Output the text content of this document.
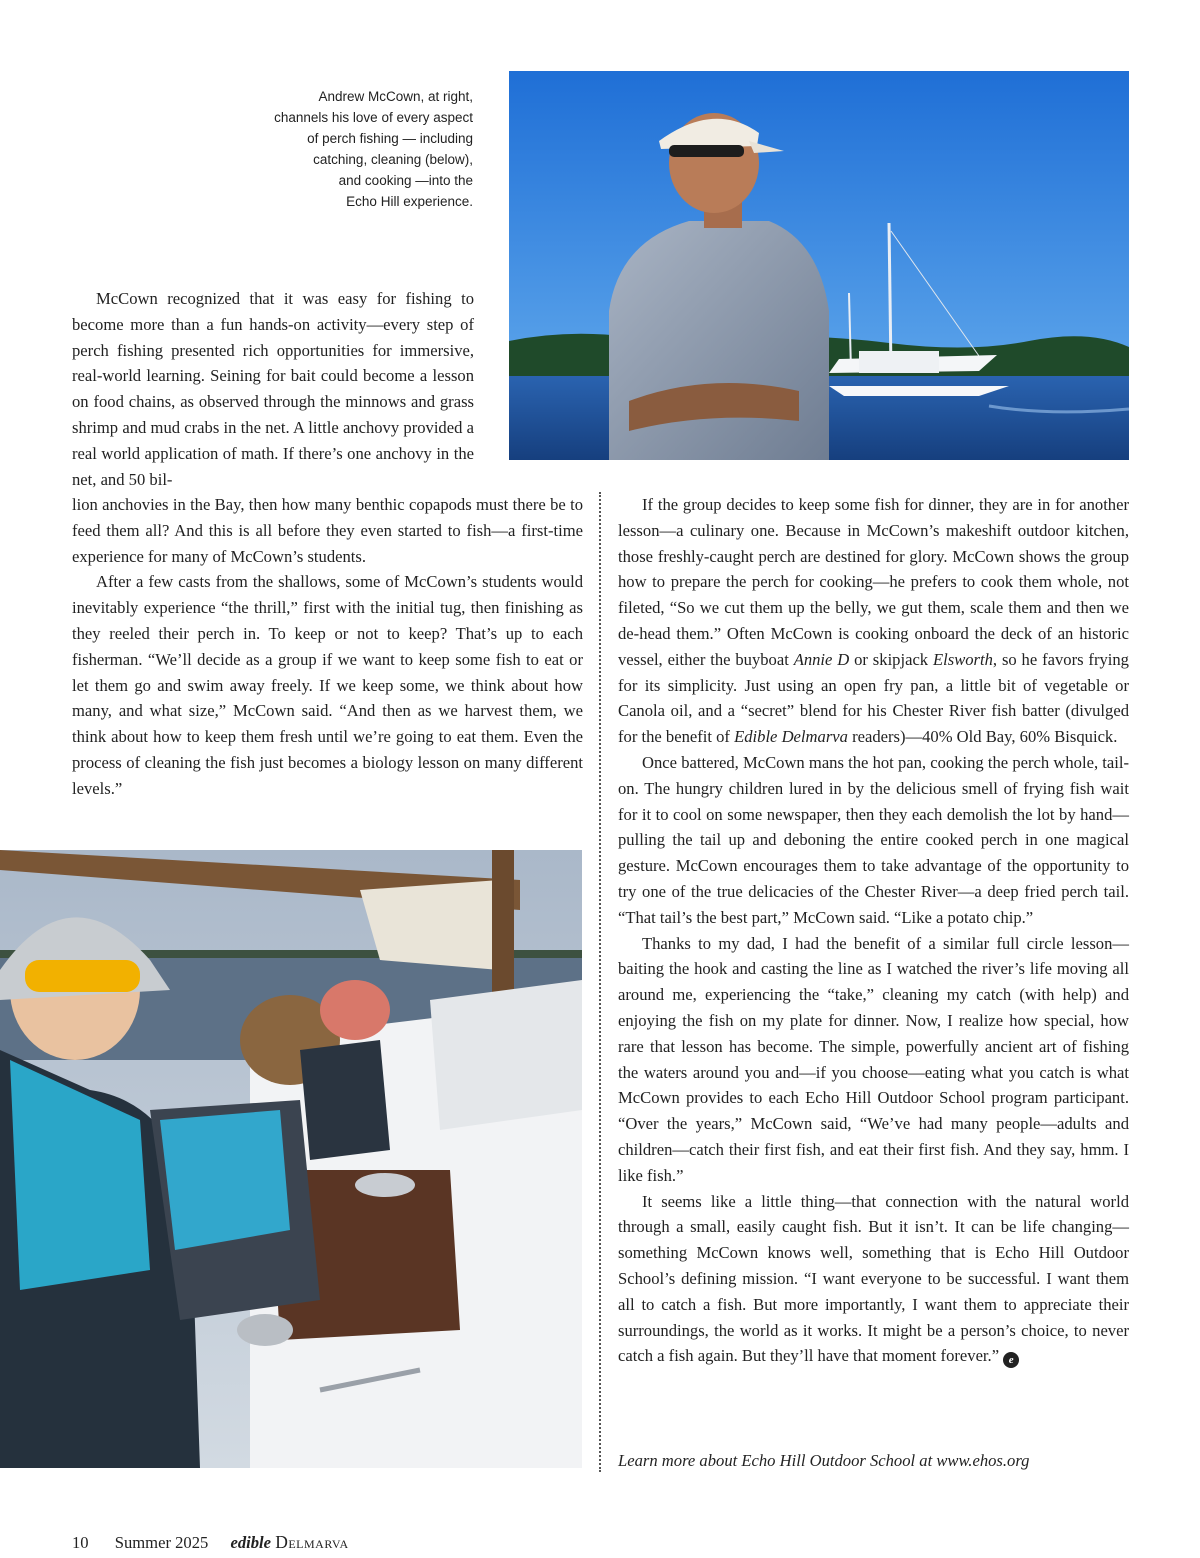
Andrew McCown, at right,
channels his love of every aspect
of perch fishing — including
catching, cleaning (below),
and cooking —into the
Echo Hill experience.

McCown recognized that it was easy for fishing to become more than a fun hands-on activity—every step of perch fishing presented rich opportunities for immersive, real-world learning. Seining for bait could become a lesson on food chains, as observed through the minnows and grass shrimp and mud crabs in the net. A little anchovy provided a real world application of math. If there’s one anchovy in the net, and 50 bil-

lion anchovies in the Bay, then how many benthic copapods must there be to feed them all? And this is all before they even started to fish—a first-time experience for many of McCown’s students.

After a few casts from the shallows, some of McCown’s students would inevitably experience “the thrill,” first with the initial tug, then finishing as they reeled their perch in. To keep or not to keep? That’s up to each fisherman. “We’ll decide as a group if we want to keep some fish to eat or let them go and swim away freely. If we keep some, we think about how many, and what size,” McCown said. “And then as we harvest them, we think about how to keep them fresh until we’re going to eat them. Even the process of cleaning the fish just becomes a biology lesson on many different levels.”

If the group decides to keep some fish for dinner, they are in for another lesson—a culinary one. Because in McCown’s makeshift outdoor kitchen, those freshly-caught perch are destined for glory. McCown shows the group how to prepare the perch for cooking—he prefers to cook them whole, not fileted, “So we cut them up the belly, we gut them, scale them and then we de-head them.” Often McCown is cooking onboard the deck of an historic vessel, either the buyboat Annie D or skipjack Elsworth, so he favors frying for its simplicity. Just using an open fry pan, a little bit of vegetable or Canola oil, and a “secret” blend for his Chester River fish batter (divulged for the benefit of Edible Delmarva readers)—40% Old Bay, 60% Bisquick.

Once battered, McCown mans the hot pan, cooking the perch whole, tail-on. The hungry children lured in by the delicious smell of frying fish wait for it to cool on some newspaper, then they each demolish the lot by hand—pulling the tail up and deboning the entire cooked perch in one magical gesture. McCown encourages them to take advantage of the opportunity to try one of the true delicacies of the Chester River—a deep fried perch tail. “That tail’s the best part,” McCown said. “Like a potato chip.”

Thanks to my dad, I had the benefit of a similar full circle lesson—baiting the hook and casting the line as I watched the river’s life moving all around me, experiencing the “take,” cleaning my catch (with help) and enjoying the fish on my plate for dinner. Now, I realize how special, how rare that lesson has become. The simple, powerfully ancient art of fishing the waters around you and—if you choose—eating what you catch is what McCown provides to each Echo Hill Outdoor School program participant. “Over the years,” McCown said, “We’ve had many people—adults and children—catch their first fish, and eat their first fish. And they say, hmm. I like fish.”

It seems like a little thing—that connection with the natural world through a small, easily caught fish. But it isn’t. It can be life changing—something McCown knows well, something that is Echo Hill Outdoor School’s defining mission. “I want everyone to be successful. I want them all to catch a fish. But more importantly, I want them to appreciate their surroundings, the world as it works. It might be a person’s choice, to never catch a fish again. But they’ll have that moment forever.” e

Learn more about Echo Hill Outdoor School at www.ehos.org
10 Summer 2025 edible Delmarva
